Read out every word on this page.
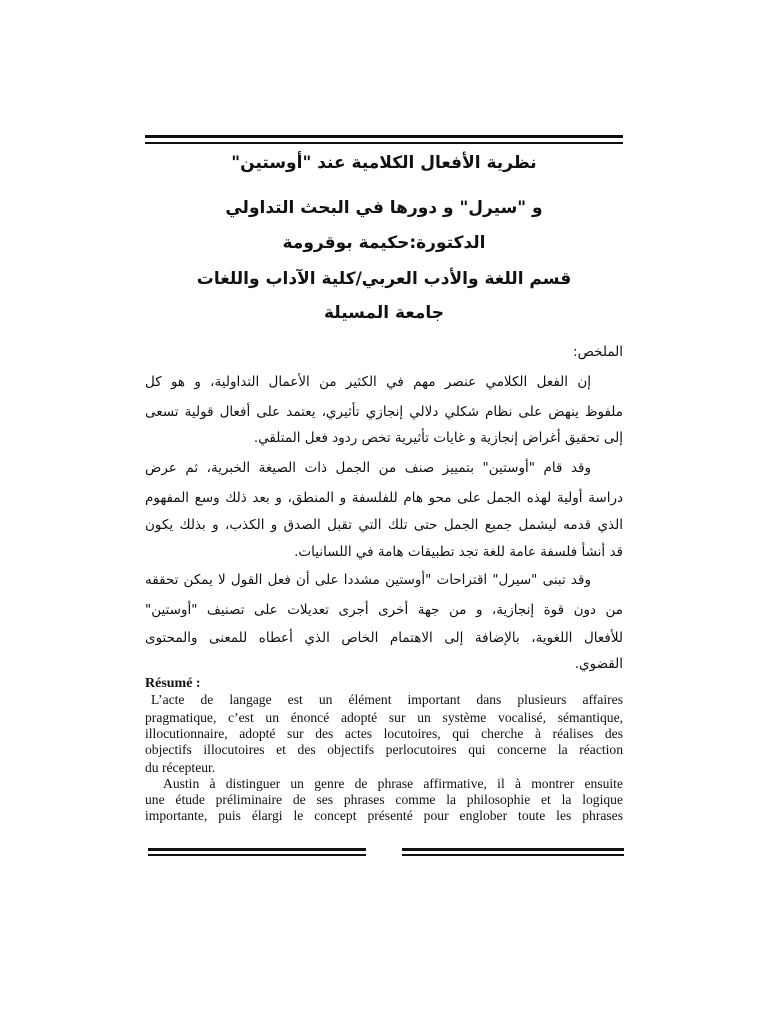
نظرية الأفعال الكلامية عند "أوستين"
و "سيرل" و دورها في البحث التداولي
الدكتورة:حكيمة بوقرومة
قسم اللغة والأدب العربي/كلية الآداب واللغات
جامعة المسيلة
الملخص:
إن الفعل الكلامي عنصر مهم في الكثير من الأعمال التداولية، و هو كل
ملفوظ ينهض على نظام شكلي دلالي إنجازي تأثيري، يعتمد على أفعال قولية تسعى
إلى تحقيق أغراض إنجازية و غايات تأثيرية تخص ردود فعل المتلقي.
وقد قام "أوستين" بتمييز صنف من الجمل ذات الصيغة الخبرية، ثم عرض
دراسة أولية لهذه الجمل على محو هام للفلسفة و المنطق، و بعد ذلك وسع المفهوم
الذي قدمه ليشمل جميع الجمل حتى تلك التي تقبل الصدق و الكذب، و بذلك يكون
قد أنشأ فلسفة عامة للغة تجد تطبيقات هامة في اللسانيات.
وقد تبنى "سيرل" اقتراحات "أوستين مشددا على أن فعل القول لا يمكن تحققه
من دون قوة إنجازية، و من جهة أخرى أجرى تعديلات على تصنيف "أوستين"
للأفعال اللغوية، بالإضافة إلى الاهتمام الخاص الذي أعطاه للمعنى والمحتوى
القضوي.
Résumé :
L’acte de langage est un élément important dans plusieurs affaires
pragmatique, c’est un énoncé adopté sur un système vocalisé, sémantique,
illocutionnaire, adopté sur des actes locutoires, qui cherche à réalises des
objectifs illocutoires et des objectifs perlocutoires qui concerne la réaction
du récepteur.
Austin à distinguer un genre de phrase affirmative, il à montrer ensuite
une étude préliminaire de ses phrases comme la philosophie et la logique
importante, puis élargi le concept présenté pour englober toute les phrases
